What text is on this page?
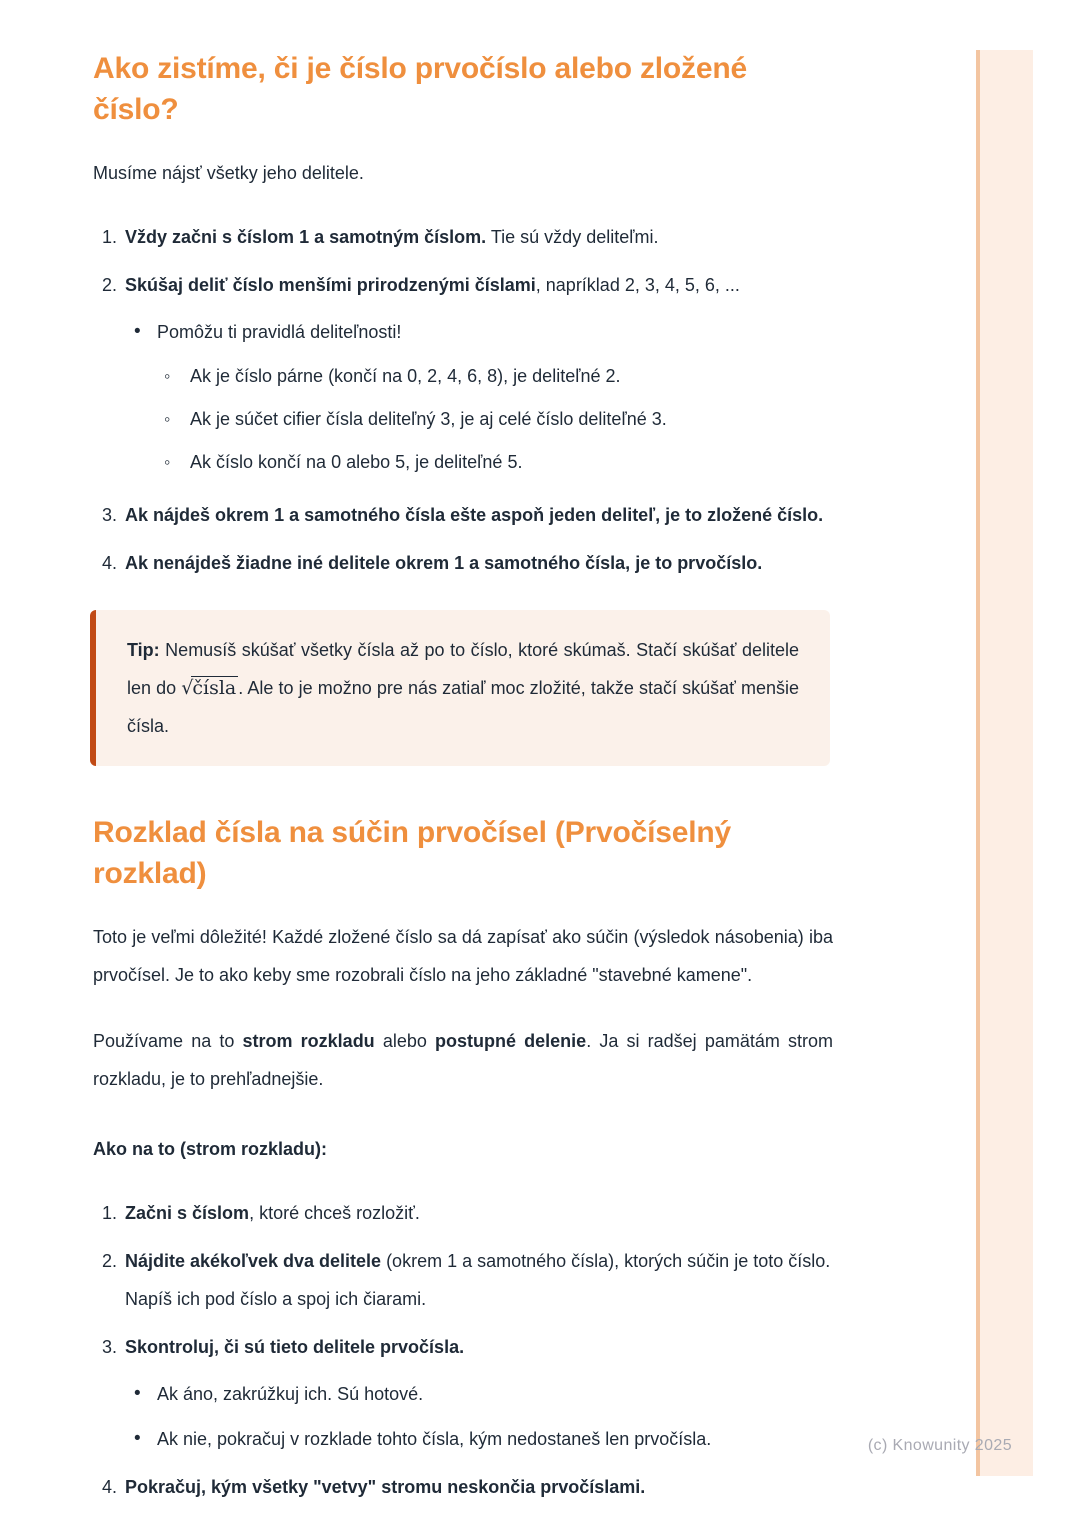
Ako zistíme, či je číslo prvočíslo alebo zložené číslo?

Musíme nájsť všetky jeho delitele.

1. Vždy začni s číslom 1 a samotným číslom. Tie sú vždy deliteľmi.
2. Skúšaj deliť číslo menšími prirodzenými číslami, napríklad 2, 3, 4, 5, 6, ...
• Pomôžu ti pravidlá deliteľnosti!
◦ Ak je číslo párne (končí na 0, 2, 4, 6, 8), je deliteľné 2.
◦ Ak je súčet cifier čísla deliteľný 3, je aj celé číslo deliteľné 3.
◦ Ak číslo končí na 0 alebo 5, je deliteľné 5.
3. Ak nájdeš okrem 1 a samotného čísla ešte aspoň jeden deliteľ, je to zložené číslo.
4. Ak nenájdeš žiadne iné delitele okrem 1 a samotného čísla, je to prvočíslo.

Tip: Nemusíš skúšať všetky čísla až po to číslo, ktoré skúmaš. Stačí skúšať delitele len do √čísla . Ale to je možno pre nás zatiaľ moc zložité, takže stačí skúšať menšie čísla.

Rozklad čísla na súčin prvočísel (Prvočíselný rozklad)

Toto je veľmi dôležité! Každé zložené číslo sa dá zapísať ako súčin (výsledok násobenia) iba prvočísel. Je to ako keby sme rozobrali číslo na jeho základné "stavebné kamene".

Používame na to strom rozkladu alebo postupné delenie. Ja si radšej pamätám strom rozkladu, je to prehľadnejšie.

Ako na to (strom rozkladu):
1. Začni s číslom, ktoré chceš rozložiť.
2. Nájdite akékoľvek dva delitele (okrem 1 a samotného čísla), ktorých súčin je toto číslo. Napíš ich pod číslo a spoj ich čiarami.
3. Skontroluj, či sú tieto delitele prvočísla.
• Ak áno, zakrúžkuj ich. Sú hotové.
• Ak nie, pokračuj v rozklade tohto čísla, kým nedostaneš len prvočísla.
4. Pokračuj, kým všetky "vetvy" stromu neskončia prvočíslami.
(c) Knowunity 2025
